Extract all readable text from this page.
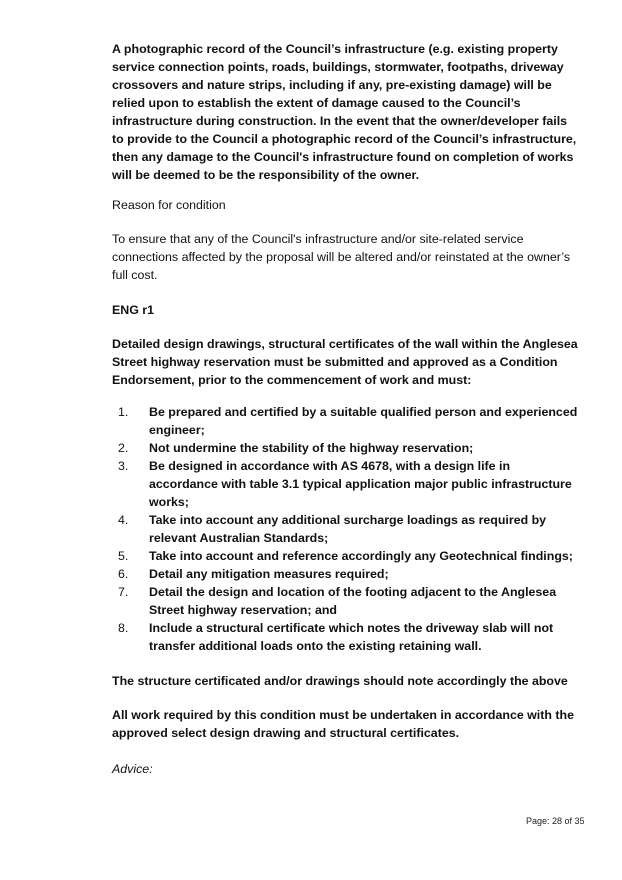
A photographic record of the Council’s infrastructure (e.g. existing property service connection points, roads, buildings, stormwater, footpaths, driveway crossovers and nature strips, including if any, pre-existing damage) will be relied upon to establish the extent of damage caused to the Council’s infrastructure during construction. In the event that the owner/developer fails to provide to the Council a photographic record of the Council’s infrastructure, then any damage to the Council's infrastructure found on completion of works will be deemed to be the responsibility of the owner.

Reason for condition

To ensure that any of the Council's infrastructure and/or site-related service connections affected by the proposal will be altered and/or reinstated at the owner’s full cost.

ENG r1

Detailed design drawings, structural certificates of the wall within the Anglesea Street highway reservation must be submitted and approved as a Condition Endorsement, prior to the commencement of work and must:

1. Be prepared and certified by a suitable qualified person and experienced engineer;
2. Not undermine the stability of the highway reservation;
3. Be designed in accordance with AS 4678, with a design life in accordance with table 3.1 typical application major public infrastructure works;
4. Take into account any additional surcharge loadings as required by relevant Australian Standards;
5. Take into account and reference accordingly any Geotechnical findings;
6. Detail any mitigation measures required;
7. Detail the design and location of the footing adjacent to the Anglesea Street highway reservation; and
8. Include a structural certificate which notes the driveway slab will not transfer additional loads onto the existing retaining wall.

The structure certificated and/or drawings should note accordingly the above

All work required by this condition must be undertaken in accordance with the approved select design drawing and structural certificates.

Advice:

Page: 28 of 35
